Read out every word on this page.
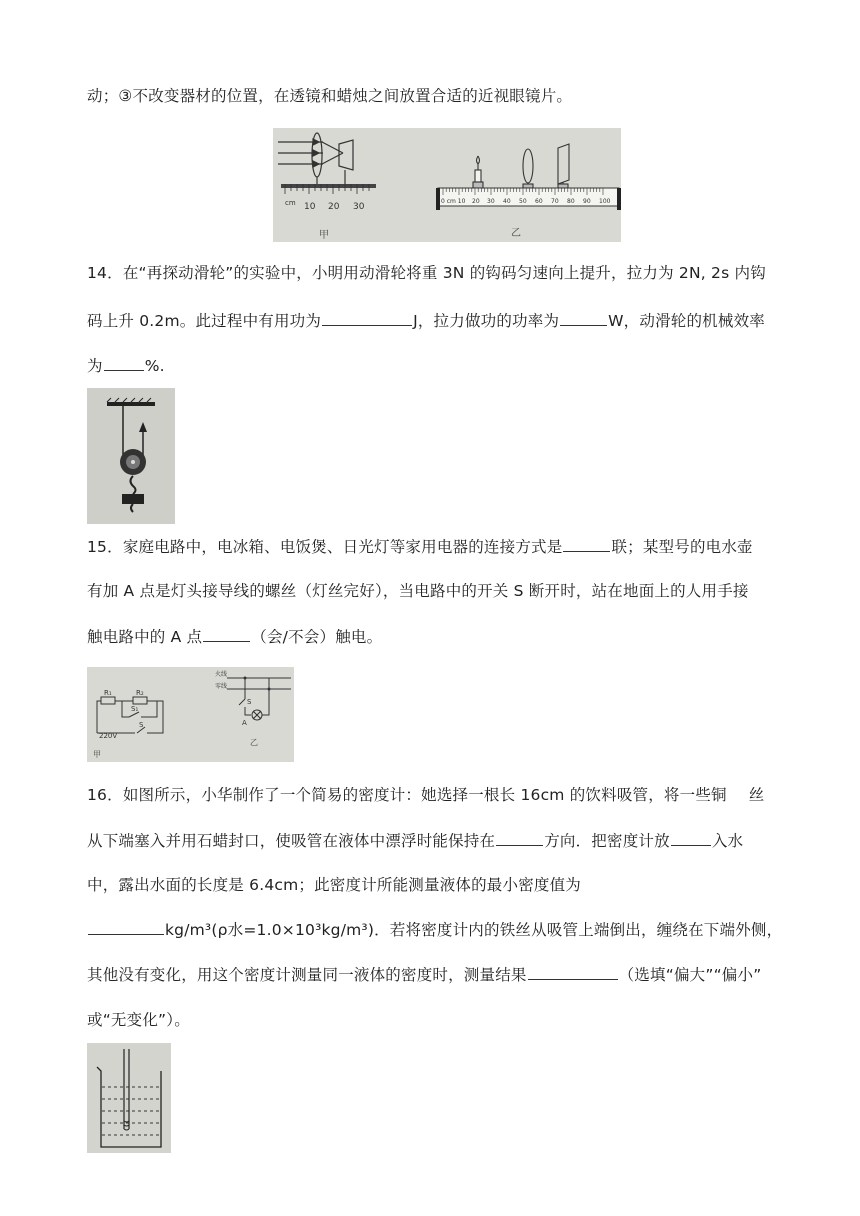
动；③不改变器材的位置，在透镜和蜡烛之间放置合适的近视眼镜片。
cm 10 20 30
甲
0 cm 10 20 30 40 50 60 70 80 90 100
乙
14．在“再探动滑轮”的实验中，小明用动滑轮将重 3N 的钩码匀速向上提升，拉力为 2N, 2s 内钩
码上升 0.2m。此过程中有用功为	J，拉力做功的功率为	W，动滑轮的机械效率
为	%.
15．家庭电路中，电冰箱、电饭煲、日光灯等家用电器的连接方式是	联；某型号的电水壶
有加 A 点是灯头接导线的螺丝（灯丝完好），当电路中的开关 S 断开时，站在地面上的人用手接
触电路中的 A 点	（会/不会）触电。
R₁	R₂
S₁
S
220V
甲
火线
零线
S
A
乙
16．如图所示，小华制作了一个简易的密度计：她选择一根长 16cm 的饮料吸管，将一些铜 丝
从下端塞入并用石蜡封口，使吸管在液体中漂浮时能保持在	方向．把密度计放	入水
中，露出水面的长度是 6.4cm；此密度计所能测量液体的最小密度值为
kg/m³(ρ⽔=1.0×10³kg/m³)．若将密度计内的铁丝从吸管上端倒出，缠绕在下端外侧，
其他没有变化，用这个密度计测量同一液体的密度时，测量结果	（选填“偏大”“偏小”
或“无变化”）。
